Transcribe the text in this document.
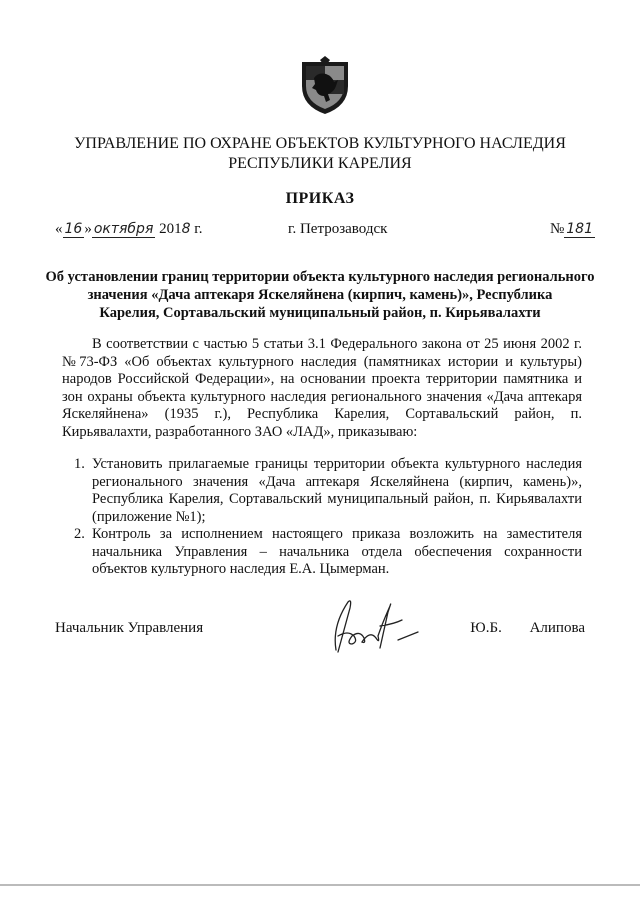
УПРАВЛЕНИЕ ПО ОХРАНЕ ОБЪЕКТОВ КУЛЬТУРНОГО НАСЛЕДИЯ
РЕСПУБЛИКИ КАРЕЛИЯ
ПРИКАЗ
« 16 » октября 2018 г.	г. Петрозаводск	№ 181
Об установлении границ территории объекта культурного наследия регионального
значения «Дача аптекаря Яскеляйнена (кирпич, камень)», Республика
Карелия, Сортавальский муниципальный район, п. Кирьявалахти
В соответствии с частью 5 статьи 3.1 Федерального закона от 25 июня 2002 г. №73-ФЗ «Об объектах культурного наследия (памятниках истории и культуры) народов Российской Федерации», на основании проекта территории памятника и зон охраны объекта культурного наследия регионального значения «Дача аптекаря Яскеляйнена» (1935 г.), Республика Карелия, Сортавальский район, п. Кирьявалахти, разработанного ЗАО «ЛАД», приказываю:
1. Установить прилагаемые границы территории объекта культурного наследия регионального значения «Дача аптекаря Яскеляйнена (кирпич, камень)», Республика Карелия, Сортавальский муниципальный район, п. Кирьявалахти (приложение №1);
2. Контроль за исполнением настоящего приказа возложить на заместителя начальника Управления – начальника отдела обеспечения сохранности объектов культурного наследия Е.А. Цымерман.
Начальник Управления	Ю.Б. Алипова
